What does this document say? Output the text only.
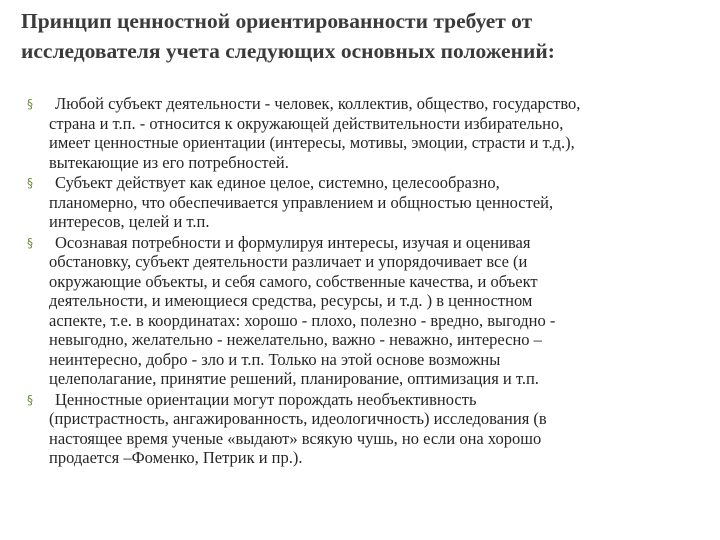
Принцип ценностной ориентированности требует от
исследователя учета следующих основных положений:
§	Любой субъект деятельности - человек, коллектив, общество, государство,
страна и т.п. - относится к окружающей действительности избирательно,
имеет ценностные ориентации (интересы, мотивы, эмоции, страсти и т.д.),
вытекающие из его потребностей.
§	Субъект действует как единое целое, системно, целесообразно,
планомерно, что обеспечивается управлением и общностью ценностей,
интересов, целей и т.п.
§	Осознавая потребности и формулируя интересы, изучая и оценивая
обстановку, субъект деятельности различает и упорядочивает все (и
окружающие объекты, и себя самого, собственные качества, и объект
деятельности, и имеющиеся средства, ресурсы, и т.д. ) в ценностном
аспекте, т.е. в координатах: хорошо - плохо, полезно - вредно, выгодно -
невыгодно, желательно - нежелательно, важно - неважно, интересно –
неинтересно, добро - зло и т.п. Только на этой основе возможны
целеполагание, принятие решений, планирование, оптимизация и т.п.
§	Ценностные ориентации могут порождать необъективность
(пристрастность, ангажированность, идеологичность) исследования (в
настоящее время ученые «выдают» всякую чушь, но если она хорошо
продается –Фоменко, Петрик и пр.).
